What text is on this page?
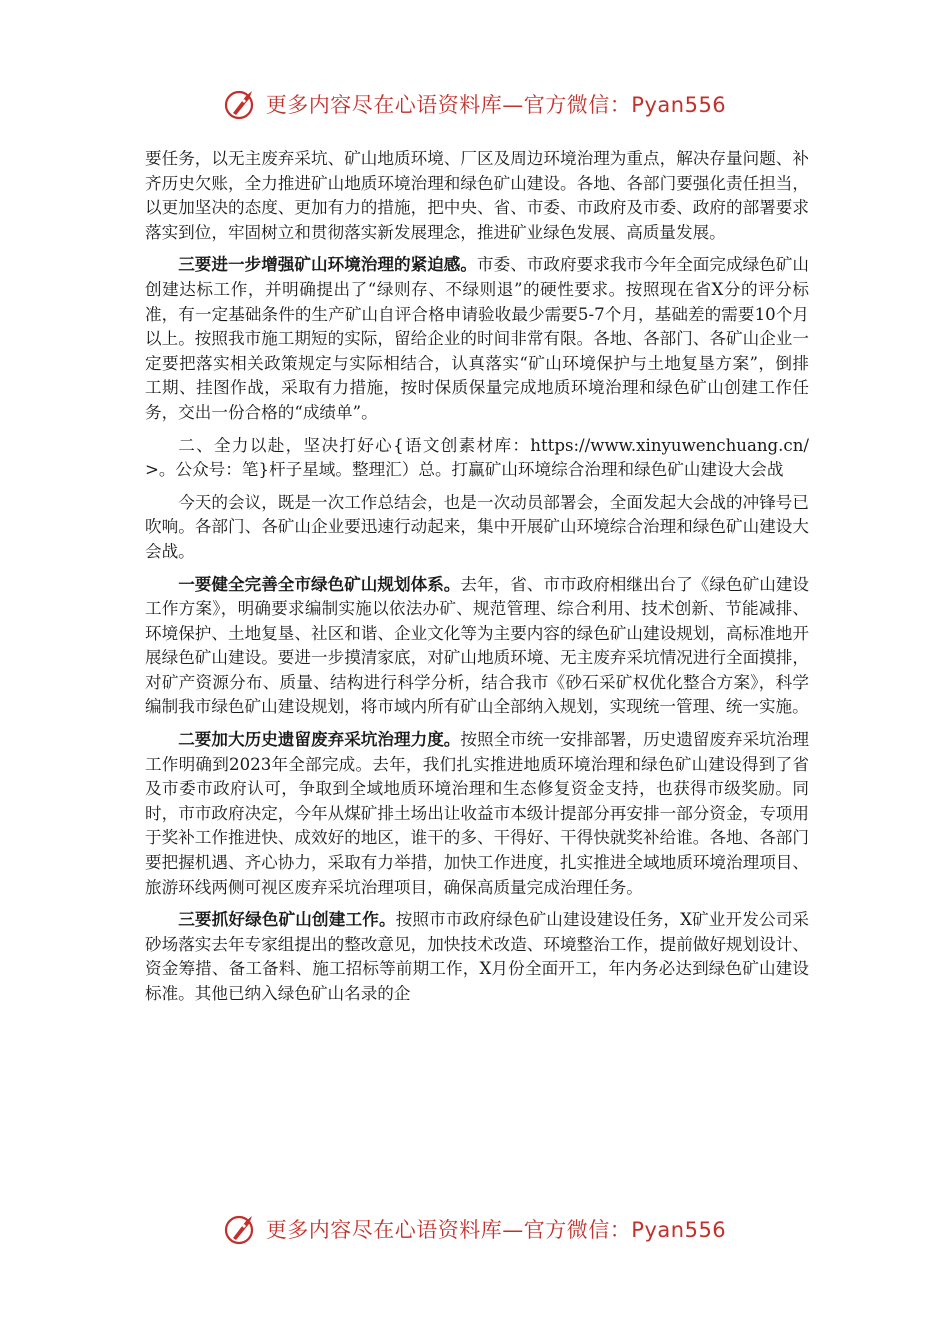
更多内容尽在心语资料库—官方微信：Pyan556

要任务，以无主废弃采坑、矿山地质环境、厂区及周边环境治理为重点，解决存量问题、补齐历史欠账，全力推进矿山地质环境治理和绿色矿山建设。各地、各部门要强化责任担当，以更加坚决的态度、更加有力的措施，把中央、省、市委、市政府及市委、政府的部署要求落实到位，牢固树立和贯彻落实新发展理念，推进矿业绿色发展、高质量发展。

三要进一步增强矿山环境治理的紧迫感。市委、市政府要求我市今年全面完成绿色矿山创建达标工作，并明确提出了“绿则存、不绿则退”的硬性要求。按照现在省X分的评分标准，有一定基础条件的生产矿山自评合格申请验收最少需要5-7个月，基础差的需要10个月以上。按照我市施工期短的实际，留给企业的时间非常有限。各地、各部门、各矿山企业一定要把落实相关政策规定与实际相结合，认真落实“矿山环境保护与土地复垦方案”，倒排工期、挂图作战，采取有力措施，按时保质保量完成地质环境治理和绿色矿山创建工作任务，交出一份合格的“成绩单”。

二、全力以赴，坚决打好心{语文创素材库：https://www.xinyuwenchuang.cn/>。公众号：笔}杆子星域。整理汇）总。打赢矿山环境综合治理和绿色矿山建设大会战

今天的会议，既是一次工作总结会，也是一次动员部署会，全面发起大会战的冲锋号已吹响。各部门、各矿山企业要迅速行动起来，集中开展矿山环境综合治理和绿色矿山建设大会战。

一要健全完善全市绿色矿山规划体系。去年，省、市市政府相继出台了《绿色矿山建设工作方案》，明确要求编制实施以依法办矿、规范管理、综合利用、技术创新、节能减排、环境保护、土地复垦、社区和谐、企业文化等为主要内容的绿色矿山建设规划，高标准地开展绿色矿山建设。要进一步摸清家底，对矿山地质环境、无主废弃采坑情况进行全面摸排，对矿产资源分布、质量、结构进行科学分析，结合我市《砂石采矿权优化整合方案》，科学编制我市绿色矿山建设规划，将市域内所有矿山全部纳入规划，实现统一管理、统一实施。

二要加大历史遗留废弃采坑治理力度。按照全市统一安排部署，历史遗留废弃采坑治理工作明确到2023年全部完成。去年，我们扎实推进地质环境治理和绿色矿山建设得到了省及市委市政府认可，争取到全域地质环境治理和生态修复资金支持，也获得市级奖励。同时，市市政府决定，今年从煤矿排土场出让收益市本级计提部分再安排一部分资金，专项用于奖补工作推进快、成效好的地区，谁干的多、干得好、干得快就奖补给谁。各地、各部门要把握机遇、齐心协力，采取有力举措，加快工作进度，扎实推进全域地质环境治理项目、旅游环线两侧可视区废弃采坑治理项目，确保高质量完成治理任务。

三要抓好绿色矿山创建工作。按照市市政府绿色矿山建设建设任务，X矿业开发公司采砂场落实去年专家组提出的整改意见，加快技术改造、环境整治工作，提前做好规划设计、资金筹措、备工备料、施工招标等前期工作，X月份全面开工，年内务必达到绿色矿山建设标准。其他已纳入绿色矿山名录的企

更多内容尽在心语资料库—官方微信：Pyan556
